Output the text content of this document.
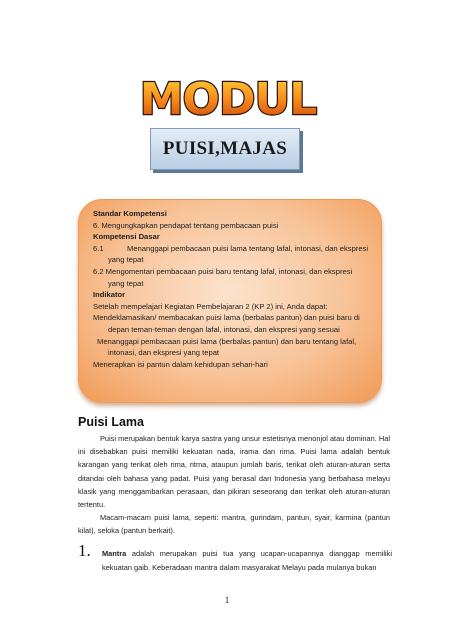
MODUL
PUISI,MAJAS
Standar Kompetensi
6. Mengungkapkan pendapat tentang pembacaan puisi
Kompetensi Dasar
6.1	Menanggapi pembacaan puisi lama tentang lafal, intonasi, dan ekspresi
yang tepat
6.2 Mengomentari pembacaan puisi baru tentang lafal, intonasi, dan ekspresi
yang tepat
Indikator
Setelah mempelajari Kegiatan Pembelajaran 2 (KP 2) ini, Anda dapat:
Mendeklamasikan/ membacakan puisi lama (berbalas pantun) dan puisi baru di
depan teman-teman dengan lafal, intonasi, dan ekspresi yang sesuai
Menanggapi pembacaan puisi lama (berbalas pantun) dan baru tentang lafal,
intonasi, dan ekspresi yang tepat
Menerapkan isi pantun dalam kehidupan sehari-hari
Puisi Lama

Puisi merupakan bentuk karya sastra yang unsur estetisnya menonjol atau dominan. Hal ini disebabkan puisi memiliki kekuatan nada, irama dan rima. Puisi lama adalah bentuk karangan yang terikat oleh rima, ritma, ataupun jumlah baris, terikat oleh aturan-aturan serta ditandai oleh bahasa yang padat. Puisi yang berasal dari Indonesia yang berbahasa melayu klasik yang menggambarkan perasaan, dan pikiran seseorang dan terikat oleh aturan-aturan tertentu.

Macam-macam puisi lama, seperti: mantra, gurindam, pantun, syair, karmina (pantun kilat), seloka (pantun berkait).

1. Mantra adalah merupakan puisi tua yang ucapan-ucapannya dianggap memiliki kekuatan gaib. Keberadaan mantra dalam masyarakat Melayu pada mulanya bukan
1
